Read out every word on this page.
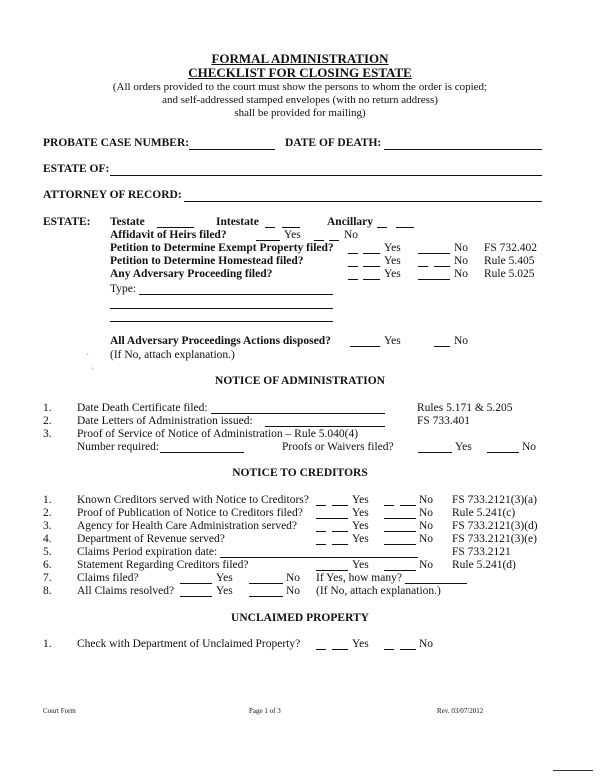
FORMAL ADMINISTRATION
CHECKLIST FOR CLOSING ESTATE
(All orders provided to the court must show the persons to whom the order is copied;
and self-addressed stamped envelopes (with no return address)
shall be provided for mailing)
PROBATE CASE NUMBER:	DATE OF DEATH:
ESTATE OF:
ATTORNEY OF RECORD:
ESTATE: Testate	Intestate	Ancillary
Affidavit of Heirs filed?	Yes	No
Petition to Determine Exempt Property filed?	Yes	No FS 732.402
Petition to Determine Homestead filed?	Yes	No Rule 5.405
Any Adversary Proceeding filed?	Yes	No Rule 5.025
Type:
All Adversary Proceedings Actions disposed?	Yes	No
(If No, attach explanation.)
NOTICE OF ADMINISTRATION
1. Date Death Certificate filed:	Rules 5.171 & 5.205
2. Date Letters of Administration issued:	FS 733.401
3. Proof of Service of Notice of Administration – Rule 5.040(4)
Number required:	Proofs or Waivers filed?	Yes	No
NOTICE TO CREDITORS
1. Known Creditors served with Notice to Creditors?	Yes	No FS 733.2121(3)(a)
2. Proof of Publication of Notice to Creditors filed?	Yes	No Rule 5.241(c)
3. Agency for Health Care Administration served?	Yes	No FS 733.2121(3)(d)
4. Department of Revenue served?	Yes	No FS 733.2121(3)(e)
5. Claims Period expiration date:	FS 733.2121
6. Statement Regarding Creditors filed?	Yes	No Rule 5.241(d)
7. Claims filed?	Yes	No If Yes, how many?
8. All Claims resolved?	Yes	No (If No, attach explanation.)
UNCLAIMED PROPERTY
1. Check with Department of Unclaimed Property?	Yes	No
Court Form	Page 1 of 3	Rev. 03/07/2012
`
'
